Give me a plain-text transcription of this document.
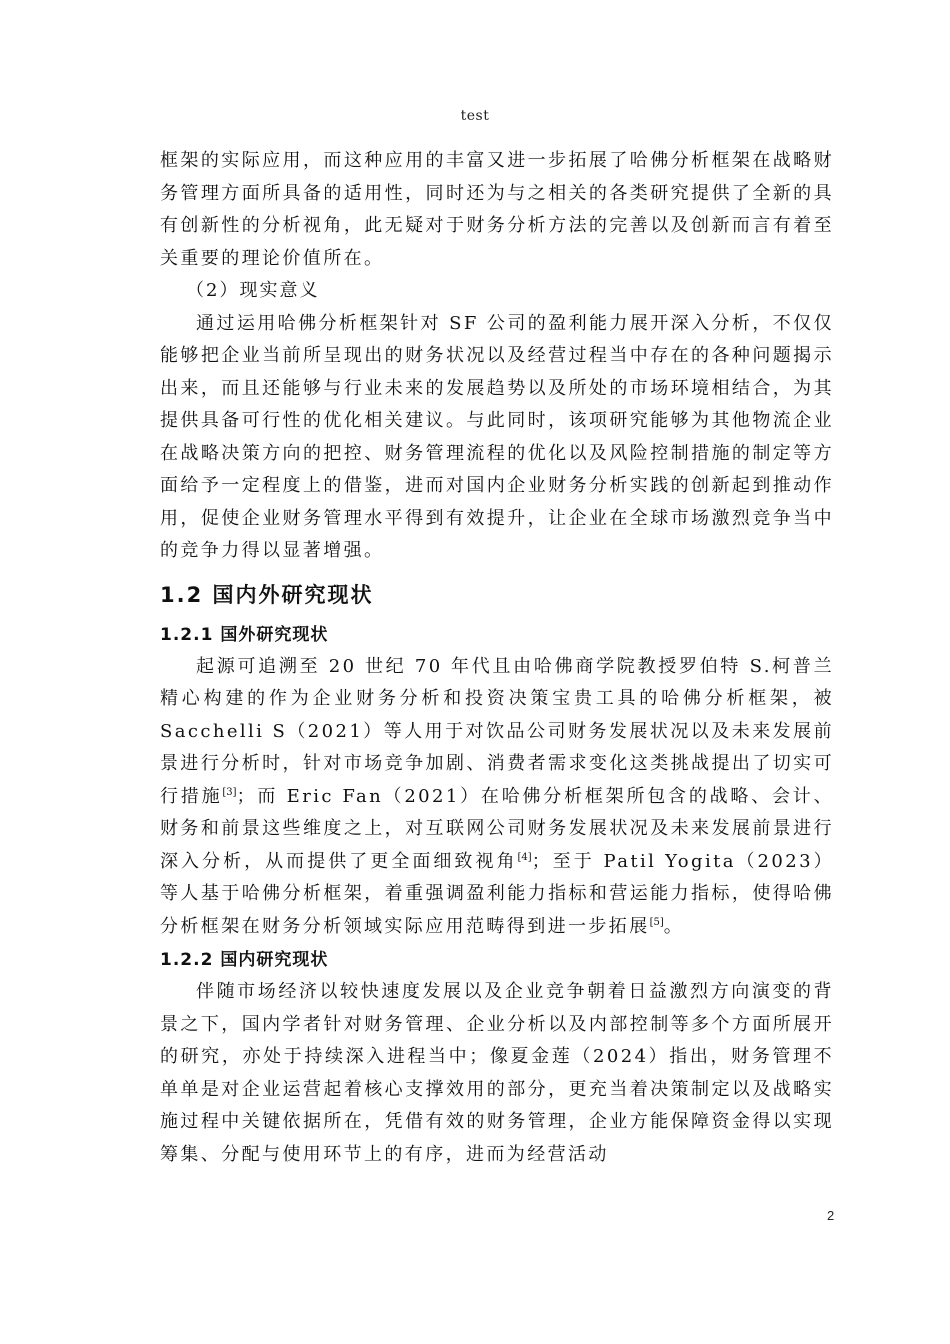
test

框架的实际应用，而这种应用的丰富又进一步拓展了哈佛分析框架在战略财务管理方面所具备的适用性，同时还为与之相关的各类研究提供了全新的具有创新性的分析视角，此无疑对于财务分析方法的完善以及创新而言有着至关重要的理论价值所在。

（2）现实意义

通过运用哈佛分析框架针对 SF 公司的盈利能力展开深入分析，不仅仅能够把企业当前所呈现出的财务状况以及经营过程当中存在的各种问题揭示出来，而且还能够与行业未来的发展趋势以及所处的市场环境相结合，为其提供具备可行性的优化相关建议。与此同时，该项研究能够为其他物流企业在战略决策方向的把控、财务管理流程的优化以及风险控制措施的制定等方面给予一定程度上的借鉴，进而对国内企业财务分析实践的创新起到推动作用，促使企业财务管理水平得到有效提升，让企业在全球市场激烈竞争当中的竞争力得以显著增强。

1.2 国内外研究现状
1.2.1 国外研究现状

起源可追溯至 20 世纪 70 年代且由哈佛商学院教授罗伯特 S.柯普兰精心构建的作为企业财务分析和投资决策宝贵工具的哈佛分析框架，被 Sacchelli S（2021）等人用于对饮品公司财务发展状况以及未来发展前景进行分析时，针对市场竞争加剧、消费者需求变化这类挑战提出了切实可行措施[3]；而 Eric Fan（2021）在哈佛分析框架所包含的战略、会计、财务和前景这些维度之上，对互联网公司财务发展状况及未来发展前景进行深入分析，从而提供了更全面细致视角[4]；至于 Patil Yogita（2023）等人基于哈佛分析框架，着重强调盈利能力指标和营运能力指标，使得哈佛分析框架在财务分析领域实际应用范畴得到进一步拓展[5]。

1.2.2 国内研究现状

伴随市场经济以较快速度发展以及企业竞争朝着日益激烈方向演变的背景之下，国内学者针对财务管理、企业分析以及内部控制等多个方面所展开的研究，亦处于持续深入进程当中；像夏金莲（2024）指出，财务管理不单单是对企业运营起着核心支撑效用的部分，更充当着决策制定以及战略实施过程中关键依据所在，凭借有效的财务管理，企业方能保障资金得以实现筹集、分配与使用环节上的有序，进而为经营活动

2
